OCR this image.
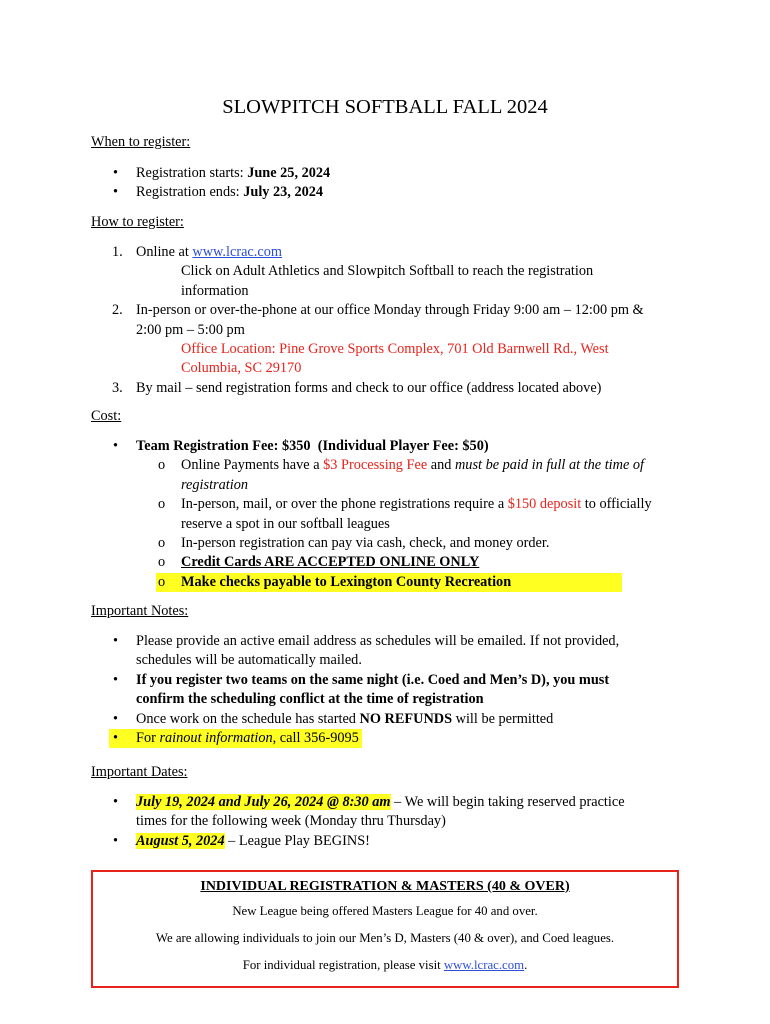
SLOWPITCH SOFTBALL FALL 2024
When to register:
• Registration starts: June 25, 2024
• Registration ends: July 23, 2024
How to register:
1. Online at www.lcrac.com
Click on Adult Athletics and Slowpitch Softball to reach the registration
information
2. In-person or over-the-phone at our office Monday through Friday 9:00 am – 12:00 pm &
2:00 pm – 5:00 pm
Office Location: Pine Grove Sports Complex, 701 Old Barnwell Rd., West
Columbia, SC 29170
3. By mail – send registration forms and check to our office (address located above)
Cost:
• Team Registration Fee: $350  (Individual Player Fee: $50)
o Online Payments have a $3 Processing Fee and must be paid in full at the time of
registration
o In-person, mail, or over the phone registrations require a $150 deposit to officially
reserve a spot in our softball leagues
o In-person registration can pay via cash, check, and money order.
o Credit Cards ARE ACCEPTED ONLINE ONLY
o Make checks payable to Lexington County Recreation
Important Notes:
• Please provide an active email address as schedules will be emailed. If not provided,
schedules will be automatically mailed.
• If you register two teams on the same night (i.e. Coed and Men’s D), you must
confirm the scheduling conflict at the time of registration
• Once work on the schedule has started NO REFUNDS will be permitted
• For rainout information, call 356-9095
Important Dates:
• July 19, 2024 and July 26, 2024 @ 8:30 am – We will begin taking reserved practice
times for the following week (Monday thru Thursday)
• August 5, 2024 – League Play BEGINS!
INDIVIDUAL REGISTRATION & MASTERS (40 & OVER)

New League being offered Masters League for 40 and over.

We are allowing individuals to join our Men’s D, Masters (40 & over), and Coed leagues.

For individual registration, please visit www.lcrac.com.
